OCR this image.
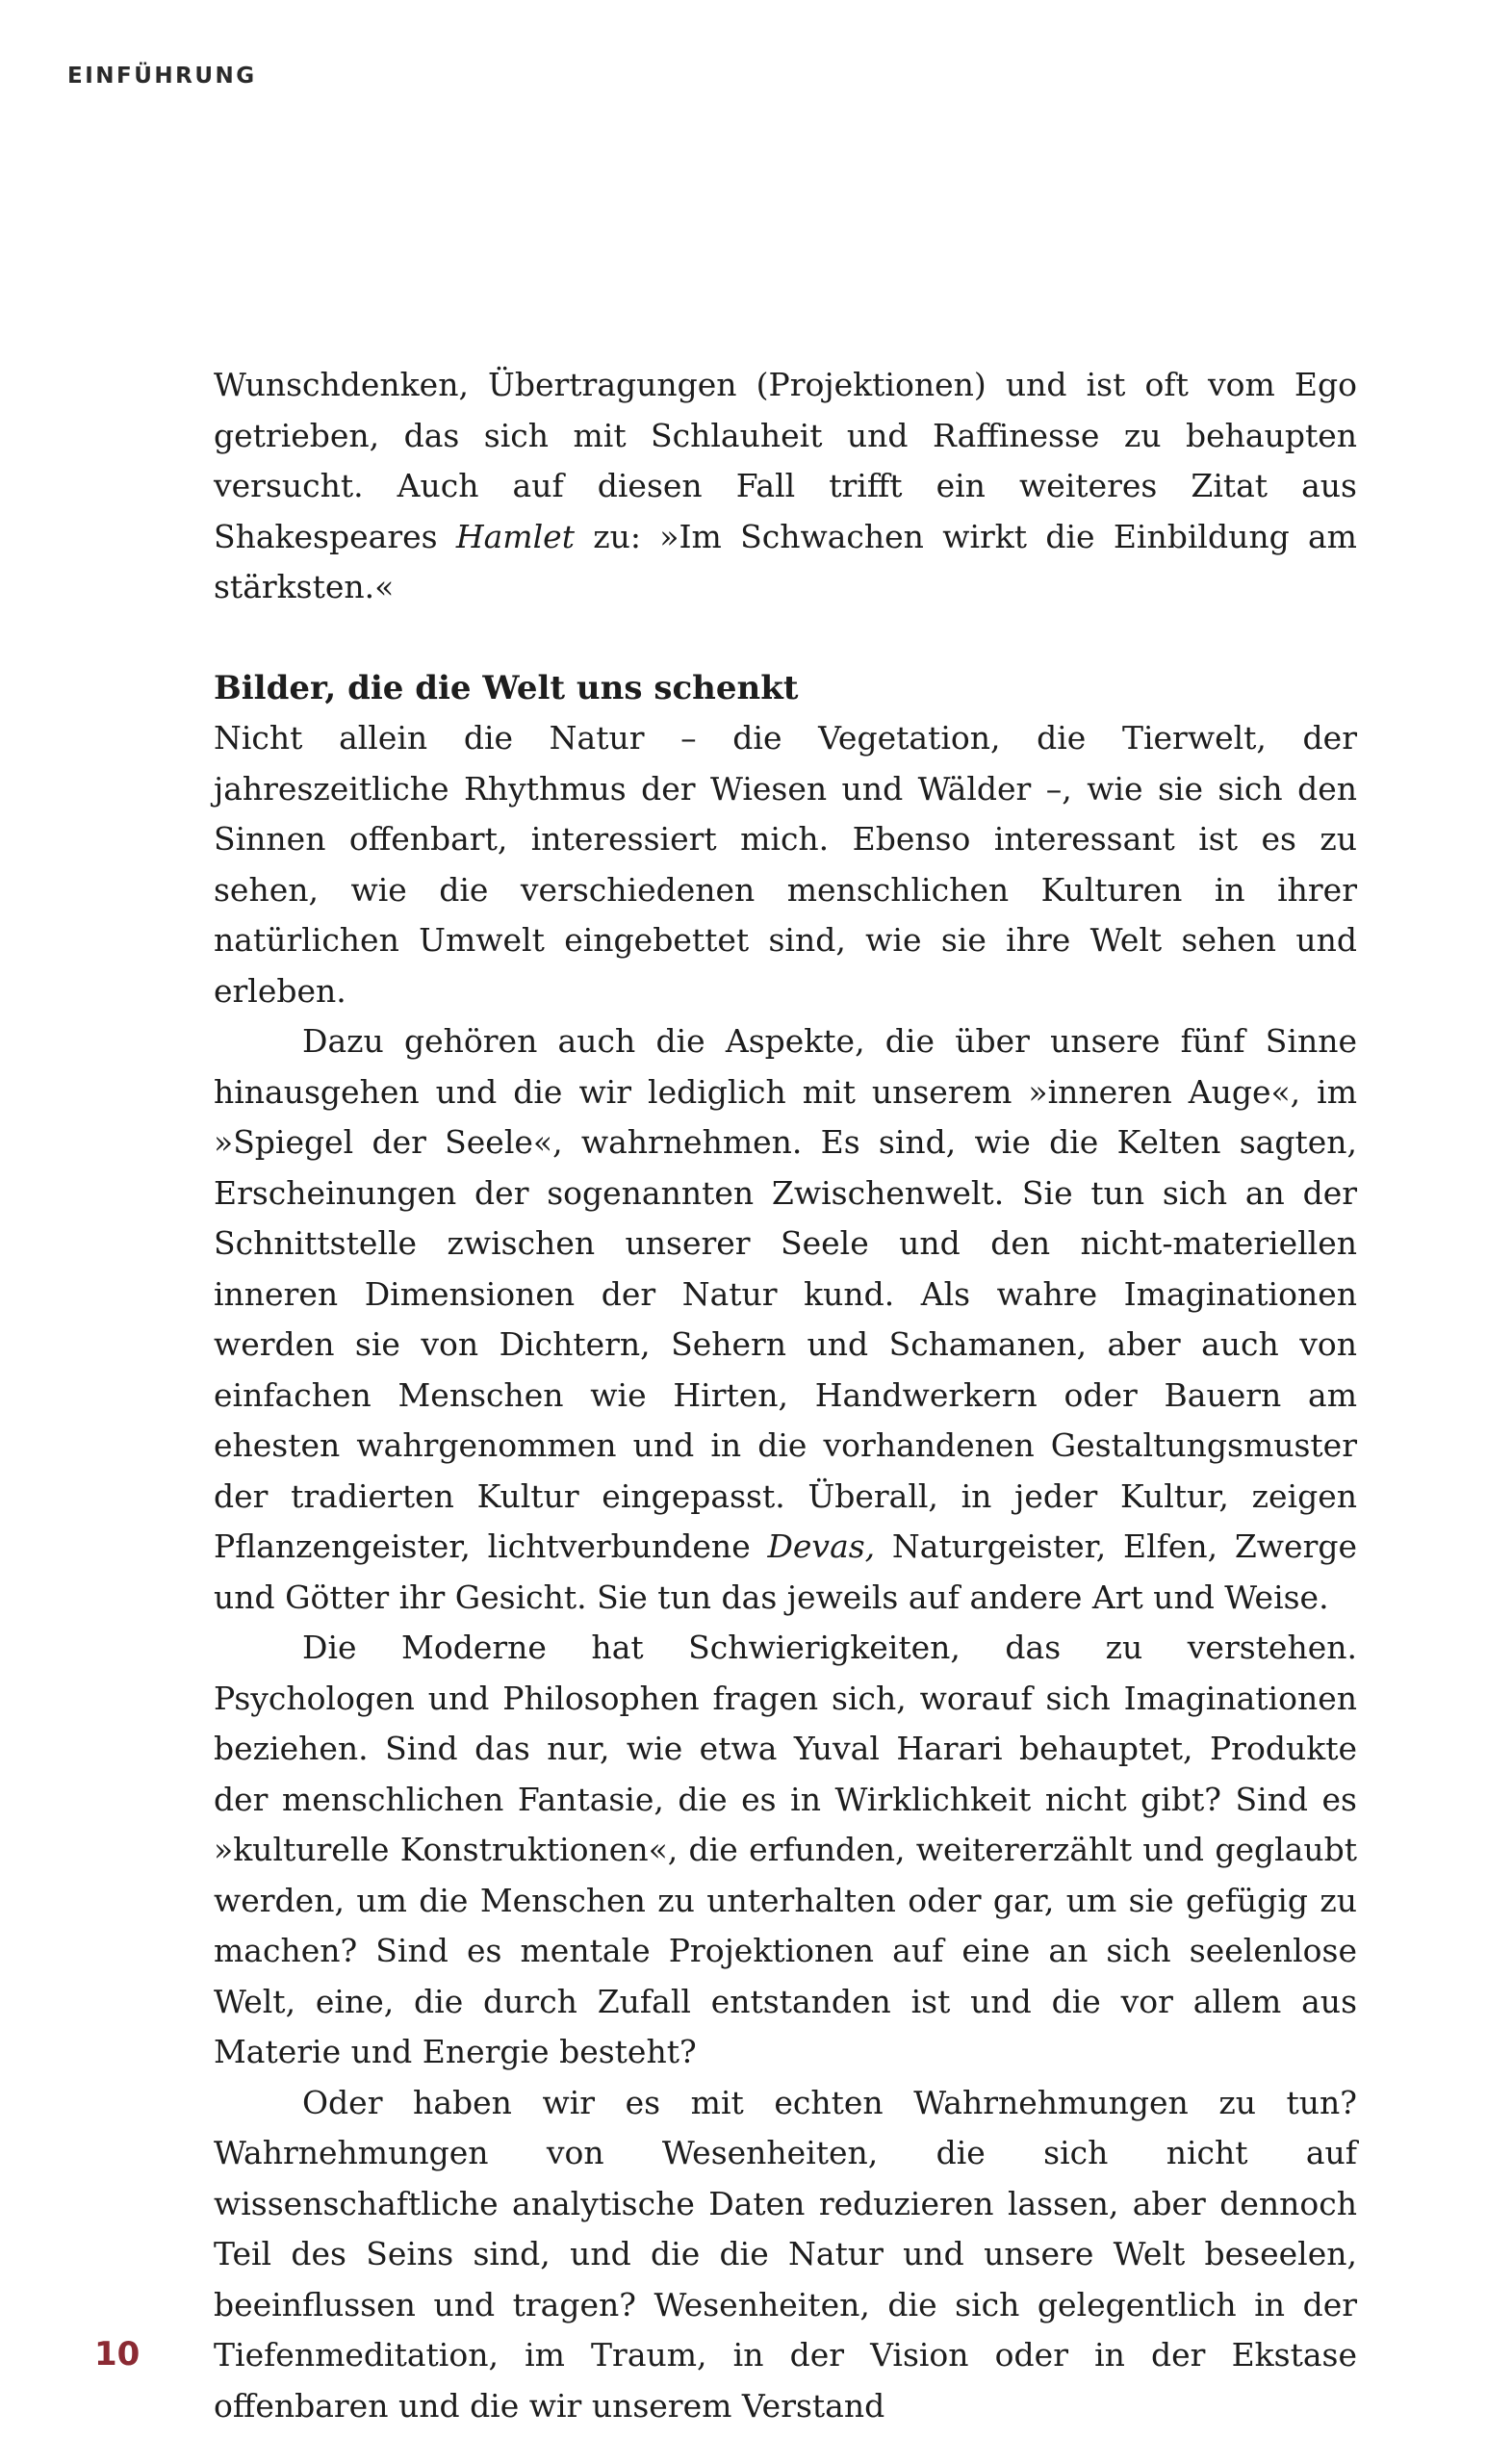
EINFÜHRUNG

Wunschdenken, Übertragungen (Projektionen) und ist oft vom Ego getrieben, das sich mit Schlauheit und Raffinesse zu behaupten versucht. Auch auf diesen Fall trifft ein weiteres Zitat aus Shakespeares Hamlet zu: »Im Schwachen wirkt die Einbildung am stärksten.«

Bilder, die die Welt uns schenkt

Nicht allein die Natur – die Vegetation, die Tierwelt, der jahreszeitliche Rhythmus der Wiesen und Wälder –, wie sie sich den Sinnen offenbart, interessiert mich. Ebenso interessant ist es zu sehen, wie die verschiedenen menschlichen Kulturen in ihrer natürlichen Umwelt eingebettet sind, wie sie ihre Welt sehen und erleben.

Dazu gehören auch die Aspekte, die über unsere fünf Sinne hinausgehen und die wir lediglich mit unserem »inneren Auge«, im »Spiegel der Seele«, wahrnehmen. Es sind, wie die Kelten sagten, Erscheinungen der sogenannten Zwischenwelt. Sie tun sich an der Schnittstelle zwischen unserer Seele und den nicht-materiellen inneren Dimensionen der Natur kund. Als wahre Imaginationen werden sie von Dichtern, Sehern und Schamanen, aber auch von einfachen Menschen wie Hirten, Handwerkern oder Bauern am ehesten wahrgenommen und in die vorhandenen Gestaltungsmuster der tradierten Kultur eingepasst. Überall, in jeder Kultur, zeigen Pflanzengeister, lichtverbundene Devas, Naturgeister, Elfen, Zwerge und Götter ihr Gesicht. Sie tun das jeweils auf andere Art und Weise.

Die Moderne hat Schwierigkeiten, das zu verstehen. Psychologen und Philosophen fragen sich, worauf sich Imaginationen beziehen. Sind das nur, wie etwa Yuval Harari behauptet, Produkte der menschlichen Fantasie, die es in Wirklichkeit nicht gibt? Sind es »kulturelle Konstruktionen«, die erfunden, weitererzählt und geglaubt werden, um die Menschen zu unterhalten oder gar, um sie gefügig zu machen? Sind es mentale Projektionen auf eine an sich seelenlose Welt, eine, die durch Zufall entstanden ist und die vor allem aus Materie und Energie besteht?

Oder haben wir es mit echten Wahrnehmungen zu tun? Wahrnehmungen von Wesenheiten, die sich nicht auf wissenschaftliche analytische Daten reduzieren lassen, aber dennoch Teil des Seins sind, und die die Natur und unsere Welt beseelen, beeinflussen und tragen? Wesenheiten, die sich gelegentlich in der Tiefenmeditation, im Traum, in der Vision oder in der Ekstase offenbaren und die wir unserem Verstand

10
